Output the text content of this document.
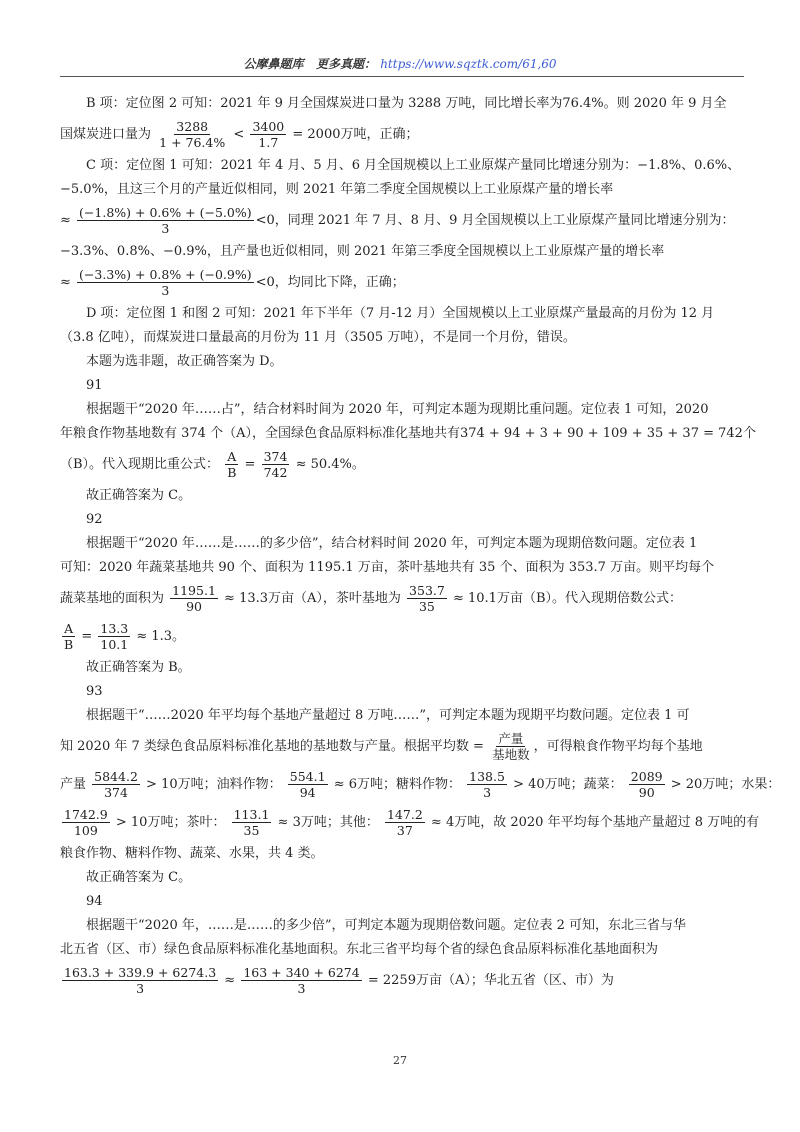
公摩鼻题库 更多真题： https://www.sqztk.com/61,60
B 项：定位图 2 可知：2021 年 9 月全国煤炭进口量为 3288 万吨，同比增长率为76.4%。则 2020 年 9 月全
国煤炭进口量为 $\frac{3288}{1 + 76.4\%} < \frac{3400}{1.7} = 2000$万吨，正确；
C 项：定位图 1 可知：2021 年 4 月、5 月、6 月全国规模以上工业原煤产量同比增速分别为：−1.8%、0.6%、
−5.0%，且这三个月的产量近似相同，则 2021 年第二季度全国规模以上工业原煤产量的增长率
≈ $\frac{(-1.8\%) + 0.6\% + (-5.0\%)}{3} <0$，同理 2021 年 7 月、8 月、9 月全国规模以上工业原煤产量同比增速分别为：
−3.3%、0.8%、−0.9%，且产量也近似相同，则 2021 年第三季度全国规模以上工业原煤产量的增长率
≈ $\frac{(-3.3\%) + 0.8\% + (-0.9\%)}{3} <0$，均同比下降，正确；
D 项：定位图 1 和图 2 可知：2021 年下半年（7 月-12 月）全国规模以上工业原煤产量最高的月份为 12 月
（3.8 亿吨），而煤炭进口量最高的月份为 11 月（3505 万吨），不是同一个月份，错误。
本题为选非题，故正确答案为 D。
91
根据题干“2020 年……占”，结合材料时间为 2020 年，可判定本题为现期比重问题。定位表 1 可知，2020
年粮食作物基地数有 374 个（A），全国绿色食品原料标准化基地共有374 + 94 + 3 + 90 + 109 + 35 + 37 = 742个
（B）。代入现期比重公式： $\frac{A}{B} = \frac{374}{742} \approx 50.4\%$。
故正确答案为 C。
92
根据题干“2020 年……是……的多少倍”，结合材料时间 2020 年，可判定本题为现期倍数问题。定位表 1
可知：2020 年蔬菜基地共 90 个、面积为 1195.1 万亩，茶叶基地共有 35 个、面积为 353.7 万亩。则平均每个
蔬菜基地的面积为 $\frac{1195.1}{90} \approx 13.3$万亩（A），茶叶基地为 $\frac{353.7}{35} \approx 10.1$万亩（B）。代入现期倍数公式：
$\frac{A}{B} = \frac{13.3}{10.1} \approx 1.3$。
故正确答案为 B。
93
根据题干“……2020 年平均每个基地产量超过 8 万吨……”，可判定本题为现期平均数问题。定位表 1 可
知 2020 年 7 类绿色食品原料标准化基地的基地数与产量。根据平均数 = $\frac{\text{产量}}{\text{基地数}}$ ，可得粮食作物平均每个基地
产量 $\frac{5844.2}{374} > 10$万吨；油料作物： $\frac{554.1}{94} \approx 6$万吨；糖料作物： $\frac{138.5}{3} > 40$万吨；蔬菜： $\frac{2089}{90} > 20$万吨；水果：
$\frac{1742.9}{109} > 10$万吨；茶叶： $\frac{113.1}{35} \approx 3$万吨；其他： $\frac{147.2}{37} \approx 4$万吨，故 2020 年平均每个基地产量超过 8 万吨的有
粮食作物、糖料作物、蔬菜、水果，共 4 类。
故正确答案为 C。
94
根据题干“2020 年，……是……的多少倍”，可判定本题为现期倍数问题。定位表 2 可知，东北三省与华
北五省（区、市）绿色食品原料标准化基地面积。东北三省平均每个省的绿色食品原料标准化基地面积为
$\frac{163.3 + 339.9 + 6274.3}{3} \approx \frac{163 + 340 + 6274}{3} = 2259$万亩（A）；华北五省（区、市）为
27
